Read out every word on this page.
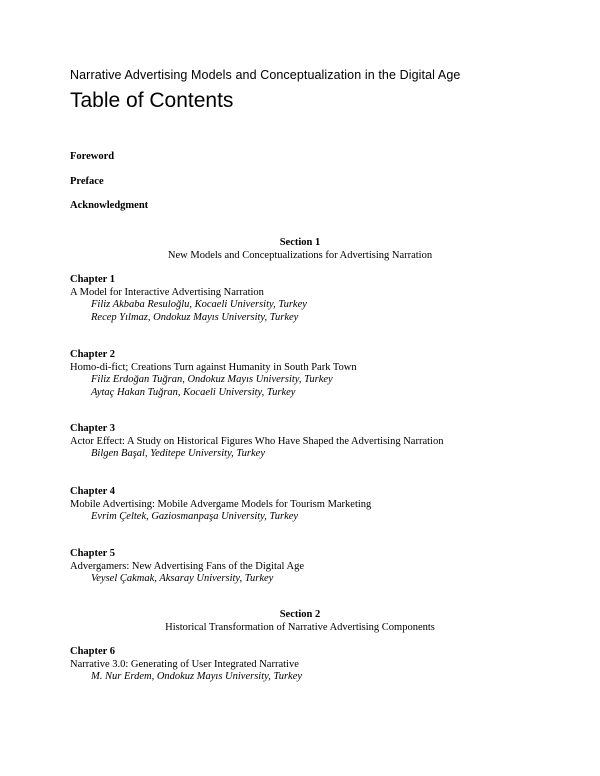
Narrative Advertising Models and Conceptualization in the Digital Age
Table of Contents
Foreword
Preface
Acknowledgment
Section 1
New Models and Conceptualizations for Advertising Narration
Chapter 1
A Model for Interactive Advertising Narration
Filiz Akbaba Resuloğlu, Kocaeli University, Turkey
Recep Yılmaz, Ondokuz Mayıs University, Turkey
Chapter 2
Homo-di-fict; Creations Turn against Humanity in South Park Town
Filiz Erdoğan Tuğran, Ondokuz Mayıs University, Turkey
Aytaç Hakan Tuğran, Kocaeli University, Turkey
Chapter 3
Actor Effect: A Study on Historical Figures Who Have Shaped the Advertising Narration
Bilgen Başal, Yeditepe University, Turkey
Chapter 4
Mobile Advertising: Mobile Advergame Models for Tourism Marketing
Evrim Çeltek, Gaziosmanpaşa University, Turkey
Chapter 5
Advergamers: New Advertising Fans of the Digital Age
Veysel Çakmak, Aksaray University, Turkey
Section 2
Historical Transformation of Narrative Advertising Components
Chapter 6
Narrative 3.0: Generating of User Integrated Narrative
M. Nur Erdem, Ondokuz Mayıs University, Turkey
